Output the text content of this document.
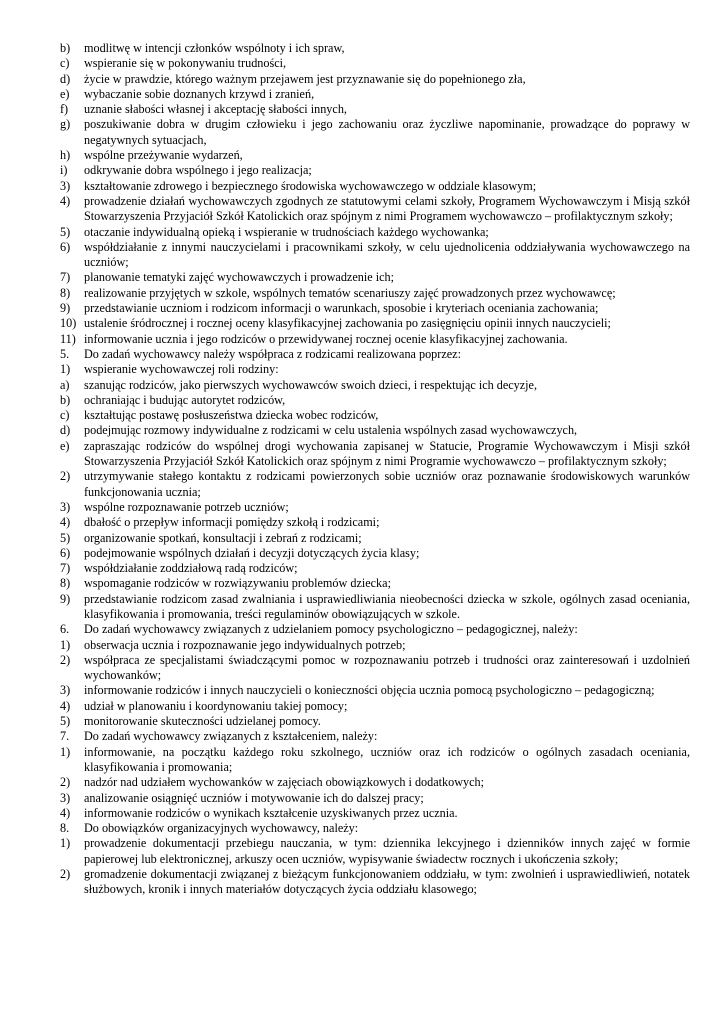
b)	modlitwę w intencji członków wspólnoty i ich spraw,
c)	wspieranie się w pokonywaniu trudności,
d)	życie w prawdzie, którego ważnym przejawem jest przyznawanie się do popełnionego zła,
e)	wybaczanie sobie doznanych krzywd i zranień,
f)	uznanie słabości własnej i akceptację słabości innych,
g)	poszukiwanie dobra w drugim człowieku i jego zachowaniu oraz życzliwe napominanie, prowadzące do poprawy w negatywnych sytuacjach,
h)	wspólne przeżywanie wydarzeń,
i)	odkrywanie dobra wspólnego i jego realizacja;
3)	kształtowanie zdrowego i bezpiecznego środowiska wychowawczego w oddziale klasowym;
4)	prowadzenie działań wychowawczych zgodnych ze statutowymi celami szkoły, Programem Wychowawczym i Misją szkół Stowarzyszenia Przyjaciół Szkół Katolickich oraz spójnym z nimi Programem wychowawczo – profilaktycznym szkoły;
5)	otaczanie indywidualną opieką i wspieranie w trudnościach każdego wychowanka;
6)	współdziałanie z innymi nauczycielami i pracownikami szkoły, w celu ujednolicenia oddziaływania wychowawczego na uczniów;
7)	planowanie tematyki zajęć wychowawczych i prowadzenie ich;
8)	realizowanie przyjętych w szkole, wspólnych tematów scenariuszy zajęć prowadzonych przez wychowawcę;
9)	przedstawianie uczniom i rodzicom informacji o warunkach, sposobie i kryteriach oceniania zachowania;
10) ustalenie śródrocznej i rocznej oceny klasyfikacyjnej zachowania po zasięgnięciu opinii innych nauczycieli;
11) informowanie ucznia i jego rodziców o przewidywanej rocznej ocenie klasyfikacyjnej zachowania.
5.	Do zadań wychowawcy należy współpraca z rodzicami realizowana poprzez:
1)	wspieranie wychowawczej roli rodziny:
a)	szanując rodziców, jako pierwszych wychowawców swoich dzieci, i respektując ich decyzje,
b)	ochraniając i budując autorytet rodziców,
c)	kształtując postawę posłuszeństwa dziecka wobec rodziców,
d)	podejmując rozmowy indywidualne z rodzicami w celu ustalenia wspólnych zasad wychowawczych,
e)	zapraszając rodziców do wspólnej drogi wychowania zapisanej w Statucie, Programie Wychowawczym i Misji szkół Stowarzyszenia Przyjaciół Szkół Katolickich oraz spójnym z nimi Programie wychowawczo – profilaktycznym szkoły;
2)	utrzymywanie stałego kontaktu z rodzicami powierzonych sobie uczniów oraz poznawanie środowiskowych warunków funkcjonowania ucznia;
3)	wspólne rozpoznawanie potrzeb uczniów;
4)	dbałość o przepływ informacji pomiędzy szkołą i rodzicami;
5)	organizowanie spotkań, konsultacji i zebrań z rodzicami;
6)	podejmowanie wspólnych działań i decyzji dotyczących życia klasy;
7)	współdziałanie zoddziałową radą rodziców;
8)	wspomaganie rodziców w rozwiązywaniu problemów dziecka;
9)	przedstawianie rodzicom zasad zwalniania i usprawiedliwiania nieobecności dziecka w szkole, ogólnych zasad oceniania, klasyfikowania i promowania, treści regulaminów obowiązujących w szkole.
6.	Do zadań wychowawcy związanych z udzielaniem pomocy psychologiczno – pedagogicznej, należy:
1)	obserwacja ucznia i rozpoznawanie jego indywidualnych potrzeb;
2)	współpraca ze specjalistami świadczącymi pomoc w rozpoznawaniu potrzeb i trudności oraz zainteresowań i uzdolnień wychowanków;
3)	informowanie rodziców i innych nauczycieli o konieczności objęcia ucznia pomocą psychologiczno – pedagogiczną;
4)	udział w planowaniu i koordynowaniu takiej pomocy;
5)	monitorowanie skuteczności udzielanej pomocy.
7.	Do zadań wychowawcy związanych z kształceniem, należy:
1)	informowanie, na początku każdego roku szkolnego, uczniów oraz ich rodziców o ogólnych zasadach oceniania, klasyfikowania i promowania;
2)	nadzór nad udziałem wychowanków w zajęciach obowiązkowych i dodatkowych;
3)	analizowanie osiągnięć uczniów i motywowanie ich do dalszej pracy;
4)	informowanie rodziców o wynikach kształcenie uzyskiwanych przez ucznia.
8.	Do obowiązków organizacyjnych wychowawcy, należy:
1)	prowadzenie dokumentacji przebiegu nauczania, w tym: dziennika lekcyjnego i dzienników innych zajęć w formie papierowej lub elektronicznej, arkuszy ocen uczniów, wypisywanie świadectw rocznych i ukończenia szkoły;
2)	gromadzenie dokumentacji związanej z bieżącym funkcjonowaniem oddziału, w tym: zwolnień i usprawiedliwień, notatek służbowych, kronik i innych materiałów dotyczących życia oddziału klasowego;
